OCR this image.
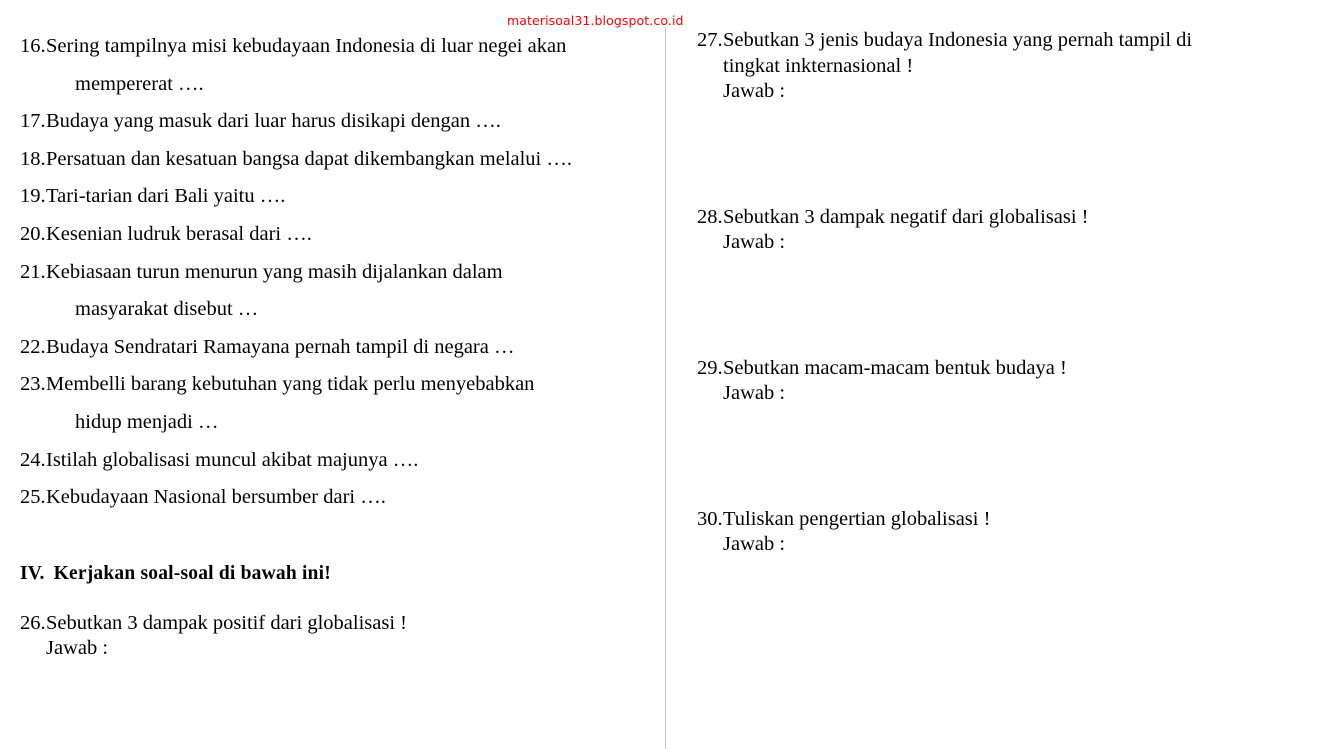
materisoal31.blogspot.co.id
16. Sering tampilnya misi kebudayaan Indonesia di luar negei akan
mempererat ….
17. Budaya yang masuk dari luar harus disikapi dengan ….
18. Persatuan dan kesatuan bangsa dapat dikembangkan melalui ….
19. Tari-tarian dari Bali yaitu ….
20. Kesenian ludruk berasal dari ….
21. Kebiasaan turun menurun yang masih dijalankan dalam
masyarakat disebut …
22. Budaya Sendratari Ramayana pernah tampil di negara …
23. Membelli barang kebutuhan yang tidak perlu menyebabkan
hidup menjadi …
24. Istilah globalisasi muncul akibat majunya ….
25. Kebudayaan Nasional bersumber dari ….
IV. Kerjakan soal-soal di bawah ini!
26. Sebutkan 3 dampak positif dari globalisasi !
Jawab :
27. Sebutkan 3 jenis budaya Indonesia yang pernah tampil di
tingkat inkternasional !
Jawab :
28. Sebutkan 3 dampak negatif dari globalisasi !
Jawab :
29. Sebutkan macam-macam bentuk budaya !
Jawab :
30. Tuliskan pengertian globalisasi !
Jawab :
